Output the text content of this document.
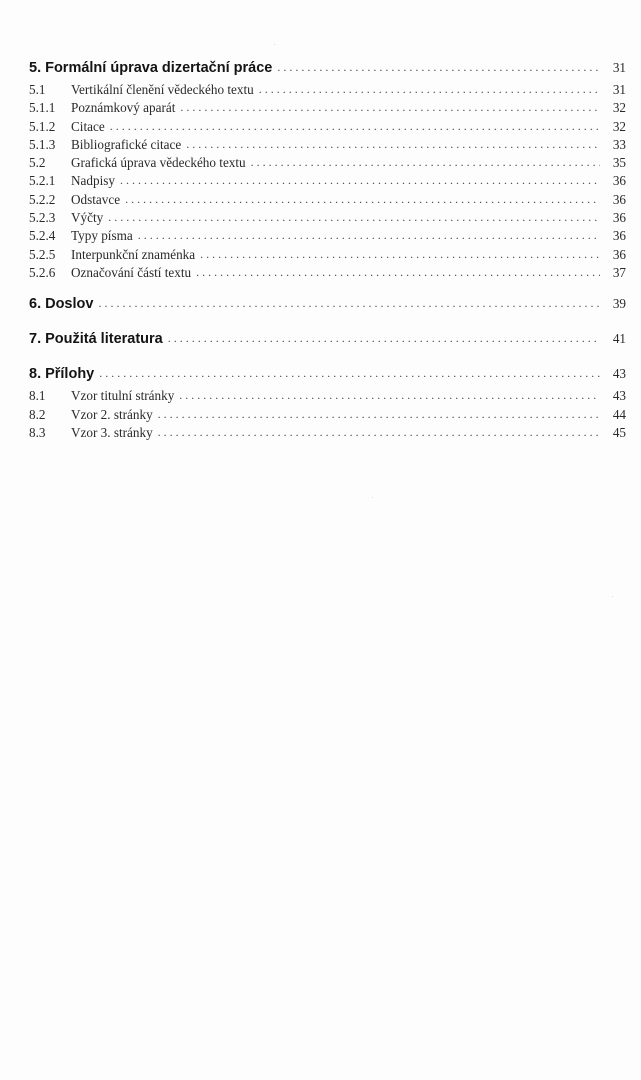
5. Formální úprava dizertační práce . . .	31
5.1	Vertikální členění vědeckého textu . . .	31
5.1.1	Poznámkový aparát . . .	32
5.1.2	Citace . . .	32
5.1.3	Bibliografické citace . . .	33
5.2	Grafická úprava vědeckého textu . . .	35
5.2.1	Nadpisy . . .	36
5.2.2	Odstavce . . .	36
5.2.3	Výčty . . .	36
5.2.4	Typy písma . . .	36
5.2.5	Interpunkční znaménka . . .	36
5.2.6	Označování částí textu . . .	37
6. Doslov . . .	39
7. Použitá literatura . . .	41
8. Přílohy . . .	43
8.1	Vzor titulní stránky . . .	43
8.2	Vzor 2. stránky . . .	44
8.3	Vzor 3. stránky . . .	45
